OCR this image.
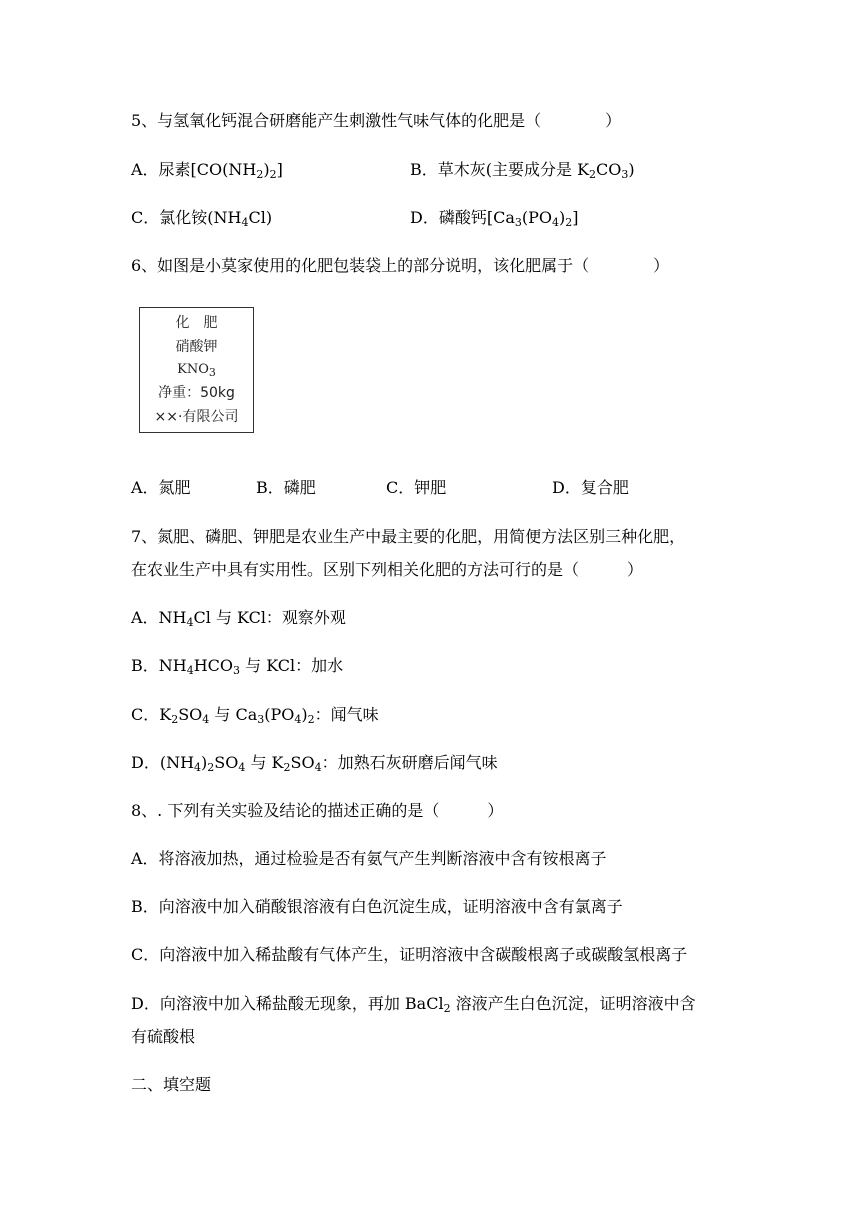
5、与氢氧化钙混合研磨能产生刺激性气味气体的化肥是（　　　　）
A．尿素$[CO(NH_2)_2]$	B．草木灰(主要成分是 $K_2CO_3$)
C．氯化铵$(NH_4Cl)$	D．磷酸钙$[Ca_3(PO_4)_2]$
6、如图是小莫家使用的化肥包装袋上的部分说明，该化肥属于（　　　　）
化　肥
硝酸钾
$KNO_3$
净重：50kg
××·有限公司
A．氮肥	B．磷肥	C．钾肥	D．复合肥
7、氮肥、磷肥、钾肥是农业生产中最主要的化肥，用简便方法区别三种化肥，
在农业生产中具有实用性。区别下列相关化肥的方法可行的是（　　　）
A．$NH_4Cl$ 与 KCl：观察外观
B．$NH_4HCO_3$ 与 KCl：加水
C．$K_2SO_4$ 与 $Ca_3(PO_4)_2$：闻气味
D．$(NH_4)_2SO_4$ 与 $K_2SO_4$：加熟石灰研磨后闻气味
8、. 下列有关实验及结论的描述正确的是（　　　）
A．将溶液加热，通过检验是否有氨气产生判断溶液中含有铵根离子
B．向溶液中加入硝酸银溶液有白色沉淀生成，证明溶液中含有氯离子
C．向溶液中加入稀盐酸有气体产生，证明溶液中含碳酸根离子或碳酸氢根离子
D．向溶液中加入稀盐酸无现象，再加 BaCl$_2$ 溶液产生白色沉淀，证明溶液中含
有硫酸根
二、填空题
